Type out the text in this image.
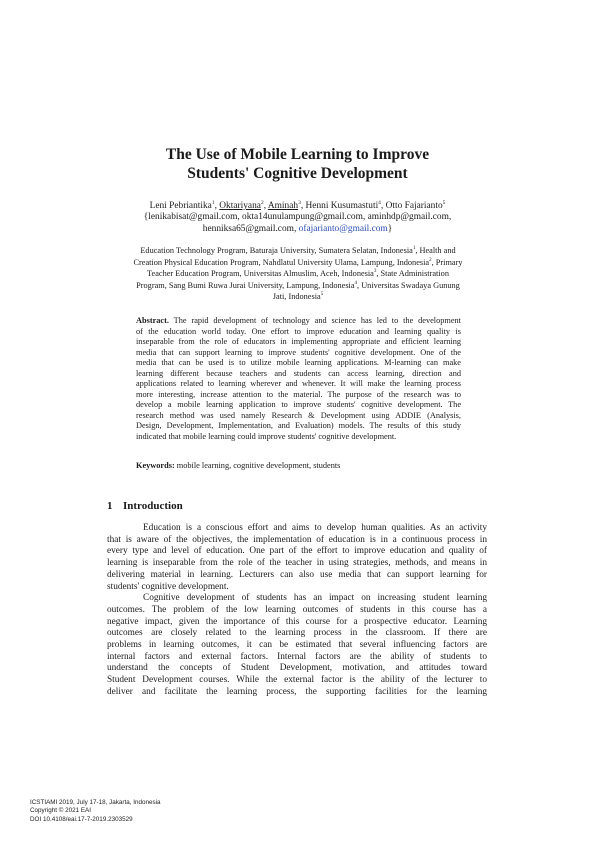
The Use of Mobile Learning to Improve
Students' Cognitive Development
Leni Pebriantika$^1$, Oktariyana$^2$, Aminah$^3$, Henni Kusumastuti$^4$, Otto Fajarianto$^5$
{lenikabisat@gmail.com, okta14unulampung@gmail.com, aminhdp@gmail.com,
henniksa65@gmail.com, ofajarianto@gmail.com}
Education Technology Program, Baturaja University, Sumatera Selatan, Indonesia$^1$, Health and
Creation Physical Education Program, Nahdlatul University Ulama, Lampung, Indonesia$^2$, Primary
Teacher Education Program, Universitas Almuslim, Aceh, Indonesia$^3$, State Administration
Program, Sang Bumi Ruwa Jurai University, Lampung, Indonesia$^4$, Universitas Swadaya Gunung
Jati, Indonesia$^5$
Abstract. The rapid development of technology and science has led to the development
of the education world today. One effort to improve education and learning quality is
inseparable from the role of educators in implementing appropriate and efficient learning
media that can support learning to improve students' cognitive development. One of the
media that can be used is to utilize mobile learning applications. M-learning can make
learning different because teachers and students can access learning, direction and
applications related to learning wherever and whenever. It will make the learning process
more interesting, increase attention to the material. The purpose of the research was to
develop a mobile learning application to improve students' cognitive development. The
research method was used namely Research & Development using ADDIE (Analysis,
Design, Development, Implementation, and Evaluation) models. The results of this study
indicated that mobile learning could improve students' cognitive development.
Keywords: mobile learning, cognitive development, students
1 Introduction
Education is a conscious effort and aims to develop human qualities. As an activity
that is aware of the objectives, the implementation of education is in a continuous process in
every type and level of education. One part of the effort to improve education and quality of
learning is inseparable from the role of the teacher in using strategies, methods, and means in
delivering material in learning. Lecturers can also use media that can support learning for
students' cognitive development.
Cognitive development of students has an impact on increasing student learning
outcomes. The problem of the low learning outcomes of students in this course has a
negative impact, given the importance of this course for a prospective educator. Learning
outcomes are closely related to the learning process in the classroom. If there are
problems in learning outcomes, it can be estimated that several influencing factors are
internal factors and external factors. Internal factors are the ability of students to
understand the concepts of Student Development, motivation, and attitudes toward
Student Development courses. While the external factor is the ability of the lecturer to
deliver and facilitate the learning process, the supporting facilities for the learning
ICSTIAMI 2019, July 17-18, Jakarta, Indonesia
Copyright © 2021 EAI
DOI 10.4108/eai.17-7-2019.2303529
